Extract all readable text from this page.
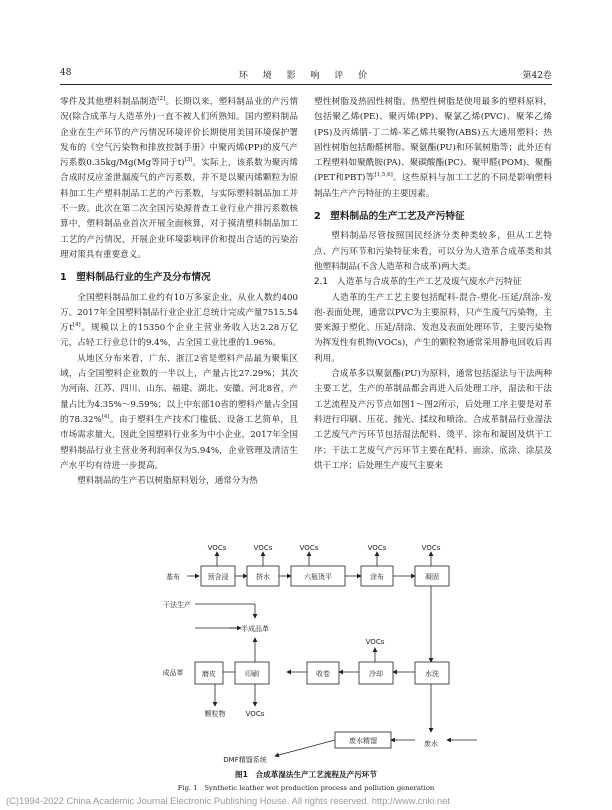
48	环 境 影 响 评 价	第42卷

零件及其他塑料制品制造[2]。长期以来，塑料制品业的产污情况(除合成革与人造革外)一直不被人们所熟知。国内塑料制品企业在生产环节的产污情况环境评价长期使用美国环境保护署发布的《空气污染物和排放控制手册》中聚丙烯(PP)的废气产污系数0.35kg/Mg(Mg等同于t)[3]。实际上，该系数为聚丙烯合成时反应釜泄漏废气的产污系数，并不是以聚丙烯颗粒为原料加工生产塑料制品工艺的产污系数，与实际塑料制品加工并不一致。此次在第二次全国污染源普查工业行业产排污系数核算中，塑料制品业首次开展全面核算，对于摸清塑料制品加工工艺的产污情况，开展企业环境影响评价和提出合适的污染治理对策具有重要意义。

1　塑料制品行业的生产及分布情况

全国塑料制品加工业约有10万多家企业，从业人数约400万。2017年全国塑料制品行业企业汇总统计完成产量7515.54万t[4]。规模以上的15350个企业主营业务收入达2.28万亿元，占轻工行业总计的9.4%，占全国工业比重的1.96%。

从地区分布来看，广东、浙江2省是塑料产品最为聚集区域，占全国塑料企业数的一半以上，产量占比27.29%；其次为河南、江苏、四川、山东、福建、湖北、安徽、河北8省，产量占比为4.35%～9.59%；以上中东部10省的塑料产量占全国的78.32%[4]。由于塑料生产技术门槛低、设备工艺简单，且市场需求量大，因此全国塑料行业多为中小企业，2017年全国塑料制品行业主营业务利润率仅为5.94%，企业管理及清洁生产水平均有待进一步提高。

塑料制品的生产若以树脂原料划分，通常分为热

塑性树脂及热固性树脂。热塑性树脂是使用最多的塑料原料，包括聚乙烯(PE)、聚丙烯(PP)、聚氯乙烯(PVC)、聚苯乙烯(PS)及丙烯腈-丁二烯-苯乙烯共聚物(ABS)五大通用塑料；热固性树脂包括酚醛树脂、聚氨酯(PU)和环氧树脂等；此外还有工程塑料如聚酰胺(PA)、聚碳酸酯(PC)、聚甲醛(POM)、聚酯(PET和PBT)等[1,5,6]。这些原料与加工工艺的不同是影响塑料制品生产产污特征的主要因素。

2　塑料制品的生产工艺及产污特征

塑料制品尽管按照国民经济分类种类较多，但从工艺特点、产污环节和污染特征来看，可以分为人造革合成革类和其他塑料制品(不含人造革和合成革)两大类。

2.1　人造革与合成革的生产工艺及废气废水产污特征

人造革的生产工艺主要包括配料-混合-塑化-压延/刮涂-发泡-表面处理，通常以PVC为主要原料，只产生废气污染物，主要来源于塑化、压延/刮涂、发泡及表面处理环节，主要污染物为挥发性有机物(VOCs)，产生的颗粒物通常采用静电回收后再利用。

合成革多以聚氨酯(PU)为原料，通常包括湿法与干法两种主要工艺，生产的革制品都会再进入后处理工序，湿法和干法工艺流程及产污节点如图1～图2所示，后处理工序主要是对革料进行印刷、压花、抛光、揉纹和喷涂。合成革制品行业湿法工艺废气产污环节包括湿法配料、烫平、涂布和凝固及烘干工序；干法工艺废气产污环节主要在配料、面涂、底涂、涂层及烘干工序；后处理生产废气主要来

基布	预含浸	挤水	六瓶烫平	涂布	凝固
VOCs	VOCs	VOCs	VOCs	VOCs
干法生产
半成品革
成品革	磨皮	印刷	收卷	冷却	水洗
VOCs
颗粒物	VOCs
废水精馏	废水
DMF精馏系统
图1　合成革湿法生产工艺流程及产污环节
Fig. 1　Synthetic leather wet production process and pollution generation
(C)1994-2022 China Academic Journal Electronic Publishing House. All rights reserved. http://www.cnki.net
